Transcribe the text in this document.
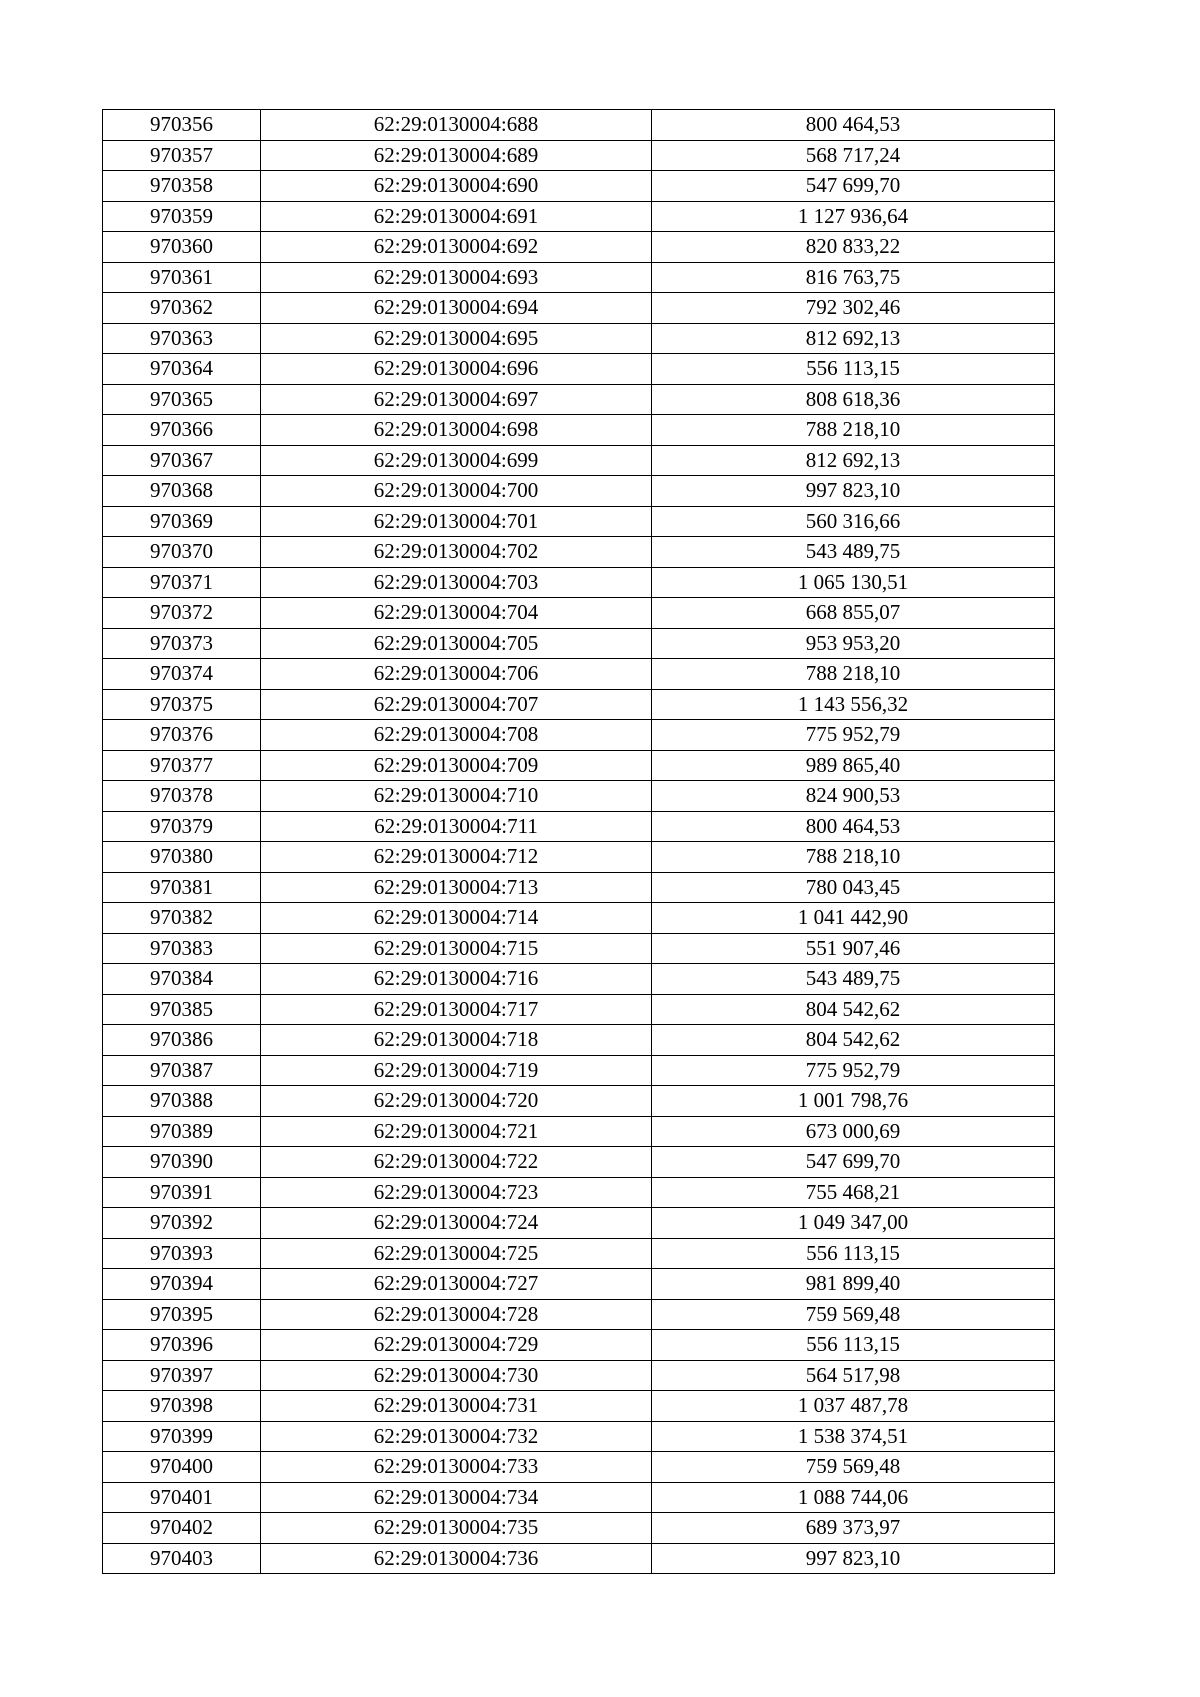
970356	62:29:0130004:688	800 464,53
970357	62:29:0130004:689	568 717,24
970358	62:29:0130004:690	547 699,70
970359	62:29:0130004:691	1 127 936,64
970360	62:29:0130004:692	820 833,22
970361	62:29:0130004:693	816 763,75
970362	62:29:0130004:694	792 302,46
970363	62:29:0130004:695	812 692,13
970364	62:29:0130004:696	556 113,15
970365	62:29:0130004:697	808 618,36
970366	62:29:0130004:698	788 218,10
970367	62:29:0130004:699	812 692,13
970368	62:29:0130004:700	997 823,10
970369	62:29:0130004:701	560 316,66
970370	62:29:0130004:702	543 489,75
970371	62:29:0130004:703	1 065 130,51
970372	62:29:0130004:704	668 855,07
970373	62:29:0130004:705	953 953,20
970374	62:29:0130004:706	788 218,10
970375	62:29:0130004:707	1 143 556,32
970376	62:29:0130004:708	775 952,79
970377	62:29:0130004:709	989 865,40
970378	62:29:0130004:710	824 900,53
970379	62:29:0130004:711	800 464,53
970380	62:29:0130004:712	788 218,10
970381	62:29:0130004:713	780 043,45
970382	62:29:0130004:714	1 041 442,90
970383	62:29:0130004:715	551 907,46
970384	62:29:0130004:716	543 489,75
970385	62:29:0130004:717	804 542,62
970386	62:29:0130004:718	804 542,62
970387	62:29:0130004:719	775 952,79
970388	62:29:0130004:720	1 001 798,76
970389	62:29:0130004:721	673 000,69
970390	62:29:0130004:722	547 699,70
970391	62:29:0130004:723	755 468,21
970392	62:29:0130004:724	1 049 347,00
970393	62:29:0130004:725	556 113,15
970394	62:29:0130004:727	981 899,40
970395	62:29:0130004:728	759 569,48
970396	62:29:0130004:729	556 113,15
970397	62:29:0130004:730	564 517,98
970398	62:29:0130004:731	1 037 487,78
970399	62:29:0130004:732	1 538 374,51
970400	62:29:0130004:733	759 569,48
970401	62:29:0130004:734	1 088 744,06
970402	62:29:0130004:735	689 373,97
970403	62:29:0130004:736	997 823,10
